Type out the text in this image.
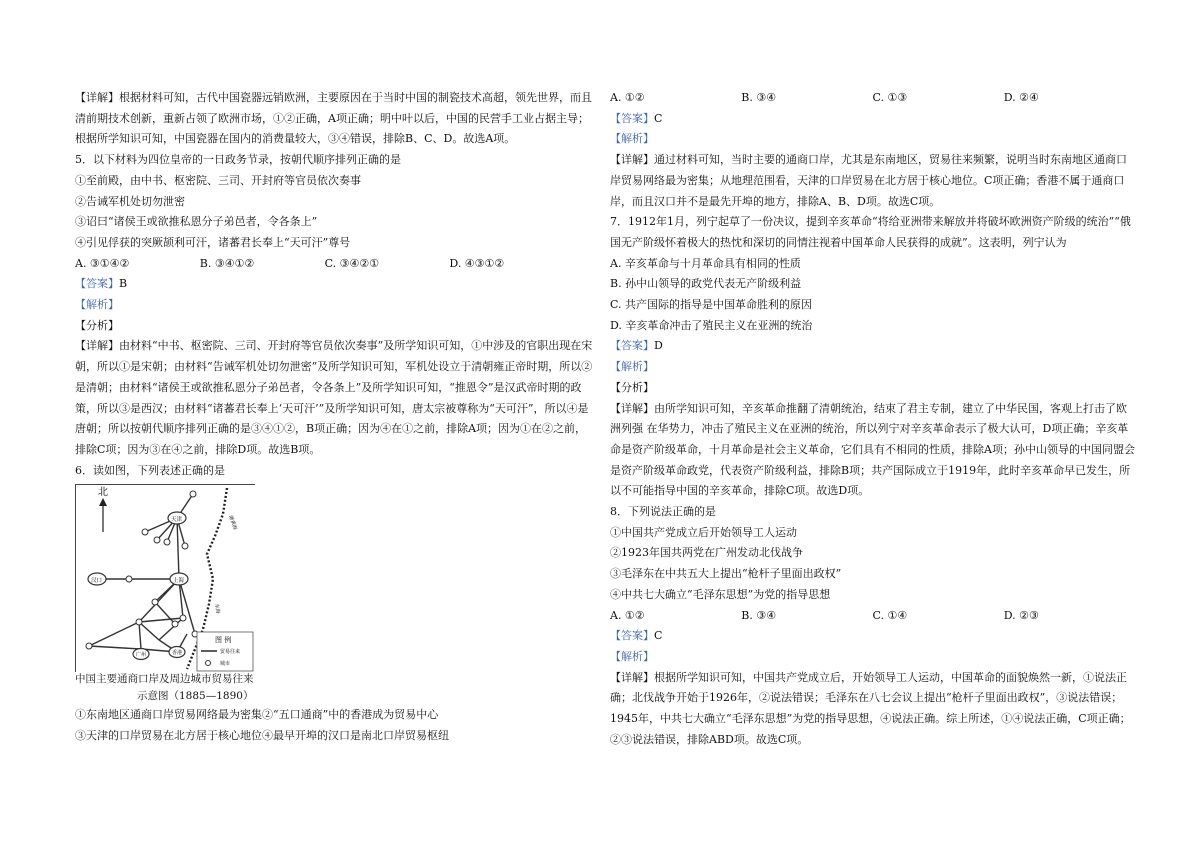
【详解】根据材料可知，古代中国瓷器远销欧洲，主要原因在于当时中国的制瓷技术高超，领先世界，而且清前期技术创新，重新占领了欧洲市场，①②正确，A项正确；明中叶以后，中国的民营手工业占据主导；根据所学知识可知，中国瓷器在国内的消费量较大，③④错误，排除B、C、D。故选A项。

5．以下材料为四位皇帝的一日政务节录，按朝代顺序排列正确的是

①至前殿，由中书、枢密院、三司、开封府等官员依次奏事

②告诫军机处切勿泄密

③诏曰“诸侯王或欲推私恩分子弟邑者，令各条上”

④引见俘获的突厥颉利可汗，诸蕃君长奉上“天可汗”尊号

A. ③①④②	B. ③④①②	C. ③④②①	D. ④③①②

【答案】B

【解析】

【分析】

【详解】由材料“中书、枢密院、三司、开封府等官员依次奏事”及所学知识可知，①中涉及的官职出现在宋朝，所以①是宋朝；由材料“告诫军机处切勿泄密”及所学知识可知，军机处设立于清朝雍正帝时期，所以②是清朝；由材料“诸侯王或欲推私恩分子弟邑者，令各条上”及所学知识可知，“推恩令”是汉武帝时期的政策，所以③是西汉；由材料“诸蕃君长奉上‘天可汗’”及所学知识可知，唐太宗被尊称为“天可汗”，所以④是唐朝；所以按朝代顺序排列正确的是③④①②，B项正确；因为④在①之前，排除A项；因为①在②之前，排除C项；因为③在④之前，排除D项。故选B项。

6．读如图，下列表述正确的是

北
天津
汉口	上海
广州	香港
渤黄海
东海
图 例
贸易往来
城市
中国主要通商口岸及周边城市贸易往来
示意图（1885—1890）

①东南地区通商口岸贸易网络最为密集②“五口通商”中的香港成为贸易中心

③天津的口岸贸易在北方居于核心地位④最早开埠的汉口是南北口岸贸易枢纽

A. ①②	B. ③④	C. ①③	D. ②④

【答案】C

【解析】

【详解】通过材料可知，当时主要的通商口岸，尤其是东南地区，贸易往来频繁，说明当时东南地区通商口岸贸易网络最为密集；从地理范围看，天津的口岸贸易在北方居于核心地位。C项正确；香港不属于通商口岸，而且汉口并不是最先开埠的地方，排除A、B、D项。故选C项。

7．1912年1月，列宁起草了一份决议，提到辛亥革命“将给亚洲带来解放并将破坏欧洲资产阶级的统治”“俄国无产阶级怀着极大的热忱和深切的同情注视着中国革命人民获得的成就”。这表明，列宁认为

A. 辛亥革命与十月革命具有相同的性质

B. 孙中山领导的政党代表无产阶级利益

C. 共产国际的指导是中国革命胜利的原因

D. 辛亥革命冲击了殖民主义在亚洲的统治

【答案】D

【解析】

【分析】

【详解】由所学知识可知，辛亥革命推翻了清朝统治，结束了君主专制，建立了中华民国，客观上打击了欧洲列强 在华势力，冲击了殖民主义在亚洲的统治，所以列宁对辛亥革命表示了极大认可，D项正确；辛亥革命是资产阶级革命，十月革命是社会主义革命，它们具有不相同的性质，排除A项；孙中山领导的中国同盟会是资产阶级革命政党，代表资产阶级利益，排除B项；共产国际成立于1919年，此时辛亥革命早已发生，所以不可能指导中国的辛亥革命，排除C项。故选D项。

8．下列说法正确的是

①中国共产党成立后开始领导工人运动

②1923年国共两党在广州发动北伐战争

③毛泽东在中共五大上提出“枪杆子里面出政权”

④中共七大确立“毛泽东思想”为党的指导思想

A. ①②	B. ③④	C. ①④	D. ②③

【答案】C

【解析】

【详解】根据所学知识可知，中国共产党成立后，开始领导工人运动，中国革命的面貌焕然一新，①说法正确；北伐战争开始于1926年，②说法错误；毛泽东在八七会议上提出“枪杆子里面出政权”，③说法错误；1945年，中共七大确立“毛泽东思想”为党的指导思想，④说法正确。综上所述，①④说法正确，C项正确；②③说法错误，排除ABD项。故选C项。
